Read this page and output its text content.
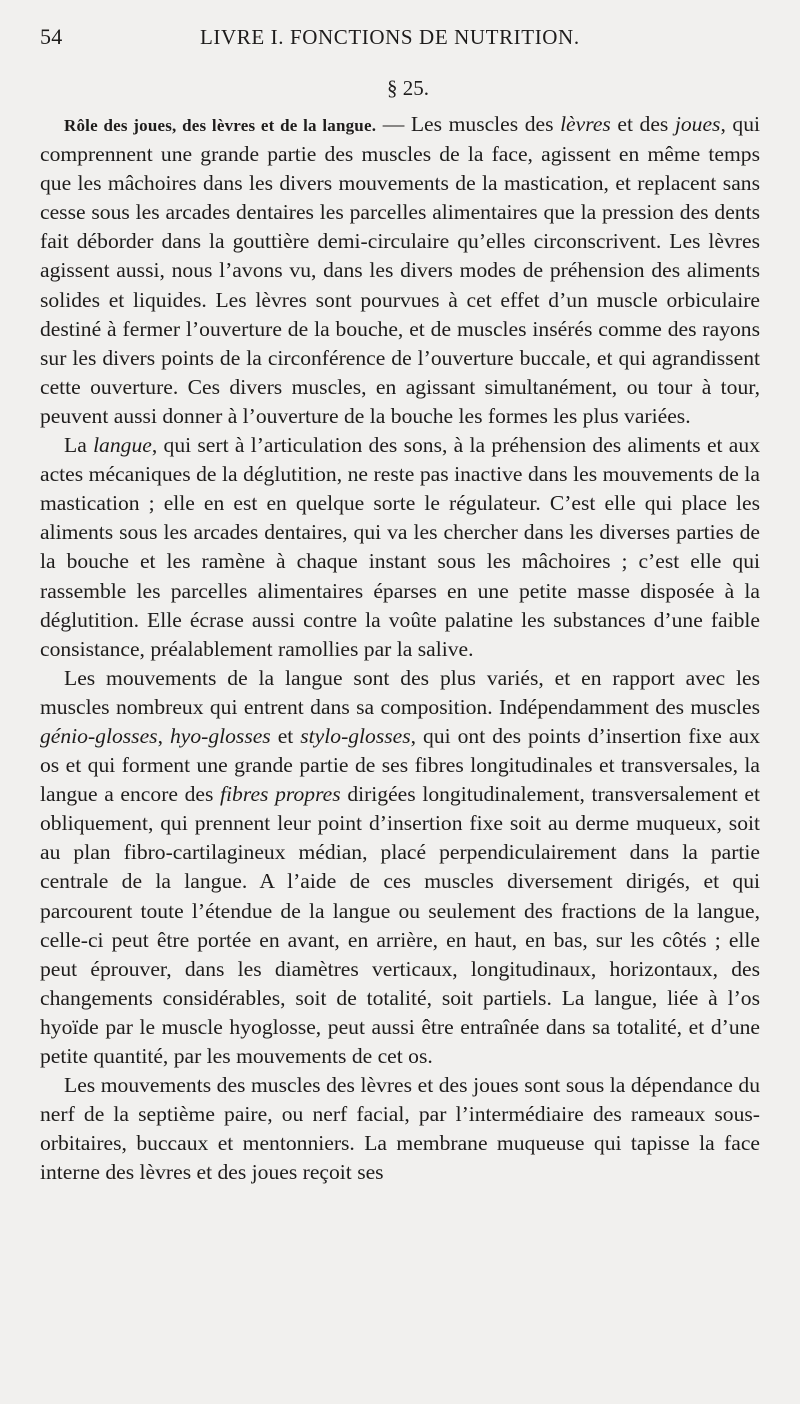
54	LIVRE I. FONCTIONS DE NUTRITION.
§ 25.

Rôle des joues, des lèvres et de la langue. — Les muscles des lèvres et des joues, qui comprennent une grande partie des muscles de la face, agissent en même temps que les mâchoires dans les divers mouvements de la mastication, et replacent sans cesse sous les arcades dentaires les parcelles alimentaires que la pression des dents fait déborder dans la gouttière demi-circulaire qu’elles circonscrivent. Les lèvres agissent aussi, nous l’avons vu, dans les divers modes de préhension des aliments solides et liquides. Les lèvres sont pourvues à cet effet d’un muscle orbiculaire destiné à fermer l’ouverture de la bouche, et de muscles insérés comme des rayons sur les divers points de la circonférence de l’ouverture buccale, et qui agrandissent cette ouverture. Ces divers muscles, en agissant simultanément, ou tour à tour, peuvent aussi donner à l’ouverture de la bouche les formes les plus variées.

La langue, qui sert à l’articulation des sons, à la préhension des aliments et aux actes mécaniques de la déglutition, ne reste pas inactive dans les mouvements de la mastication ; elle en est en quelque sorte le régulateur. C’est elle qui place les aliments sous les arcades dentaires, qui va les chercher dans les diverses parties de la bouche et les ramène à chaque instant sous les mâchoires ; c’est elle qui rassemble les parcelles alimentaires éparses en une petite masse disposée à la déglutition. Elle écrase aussi contre la voûte palatine les substances d’une faible consistance, préalablement ramollies par la salive.

Les mouvements de la langue sont des plus variés, et en rapport avec les muscles nombreux qui entrent dans sa composition. Indépendamment des muscles génio-glosses, hyo-glosses et stylo-glosses, qui ont des points d’insertion fixe aux os et qui forment une grande partie de ses fibres longitudinales et transversales, la langue a encore des fibres propres dirigées longitudinalement, transversalement et obliquement, qui prennent leur point d’insertion fixe soit au derme muqueux, soit au plan fibro-cartilagineux médian, placé perpendiculairement dans la partie centrale de la langue. A l’aide de ces muscles diversement dirigés, et qui parcourent toute l’étendue de la langue ou seulement des fractions de la langue, celle-ci peut être portée en avant, en arrière, en haut, en bas, sur les côtés ; elle peut éprouver, dans les diamètres verticaux, longitudinaux, horizontaux, des changements considérables, soit de totalité, soit partiels. La langue, liée à l’os hyoïde par le muscle hyoglosse, peut aussi être entraînée dans sa totalité, et d’une petite quantité, par les mouvements de cet os.

Les mouvements des muscles des lèvres et des joues sont sous la dépendance du nerf de la septième paire, ou nerf facial, par l’intermédiaire des rameaux sous-orbitaires, buccaux et mentonniers. La membrane muqueuse qui tapisse la face interne des lèvres et des joues reçoit ses
